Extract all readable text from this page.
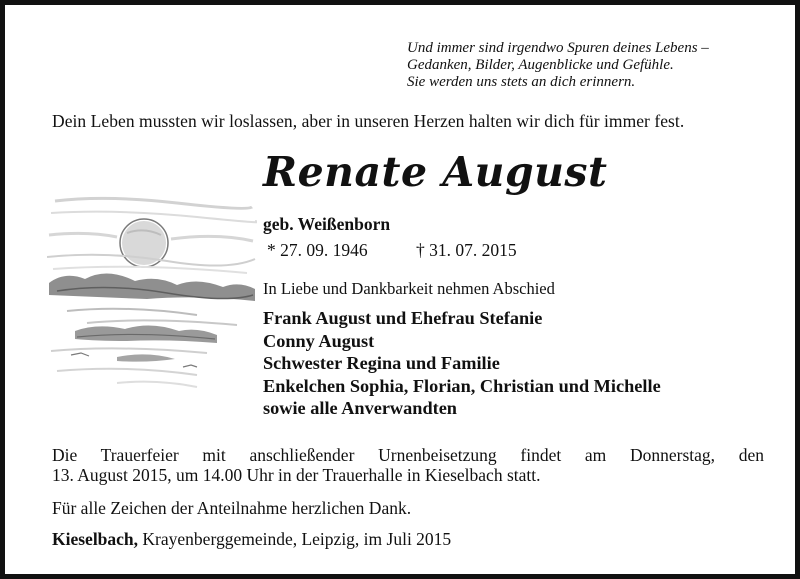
Und immer sind irgendwo Spuren deines Lebens –
Gedanken, Bilder, Augenblicke und Gefühle.
Sie werden uns stets an dich erinnern.
Dein Leben mussten wir loslassen, aber in unseren Herzen halten wir dich für immer fest.
Renate August
geb. Weißenborn
* 27. 09. 1946	† 31. 07. 2015
In Liebe und Dankbarkeit nehmen Abschied
Frank August und Ehefrau Stefanie
Conny August
Schwester Regina und Familie
Enkelchen Sophia, Florian, Christian und Michelle
sowie alle Anverwandten
Die Trauerfeier mit anschließender Urnenbeisetzung findet am Donnerstag, den
13. August 2015, um 14.00 Uhr in der Trauerhalle in Kieselbach statt.
Für alle Zeichen der Anteilnahme herzlichen Dank.
Kieselbach, Krayenberggemeinde, Leipzig, im Juli 2015
